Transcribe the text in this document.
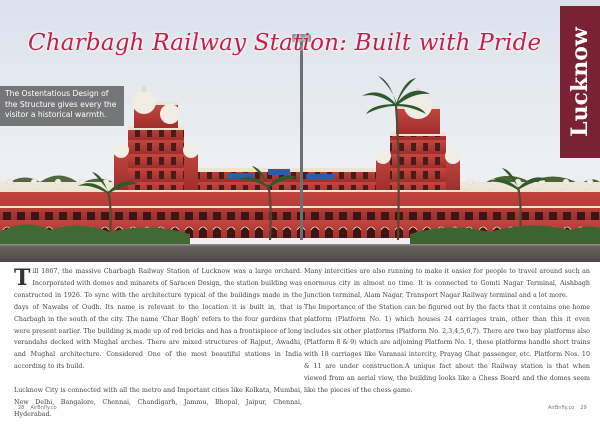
Charbagh Railway Station: Built with Pride
The Ostentatious Design of the Structure gives every the visitor a historical warmth.	Lucknow

Till 1867, the massive Charbagh Railway Station of Lucknow was a large orchard. Incorporated with domes and minarets of Saracen Design, the station building was constructed in 1926. To sync with the architecture typical of the buildings made in the days of Nawabs of Oudh. Its name is relevant to the location it is built in, that is Charbagh in the south of the city. The name ‘Char Bagh’ refers to the four gardens that were present earlier. The building is made up of red bricks and has a frontispiece of long verandahs decked with Mughal arches. There are mixed structures of Rajput, Awadhi, and Mughal architecture. Considered One of the most beautiful stations in India according to its build.

Lucknow City is connected with all the metro and Important cities like Kolkata, Mumbai, New Delhi, Bangalore, Chennai, Chandigarh, Jammu, Bhopal, Jaipur, Chennai, Hyderabad.

Many intercities are also running to make it easier for people to travel around such an enormous city in almost no time. It is connected to Gomti Nagar Terminal, Aishbagh Junction terminal, Alam Nagar, Transport Nagar Railway terminal and a lot more.

The Importance of the Station can be figured out by the facts that it contains one home platform (Platform No. 1) which houses 24 carriages train, other than this it even includes six other platforms (Platform No. 2,3,4,5,6,7). There are two bay platforms also (Platform 8 & 9) which are adjoining Platform No. 1, these platforms handle short trains with 18 carriages like Varanasi intercity, Prayag Ghat passenger, etc. Platform Nos. 10 & 11 are under construction.A unique fact about the Railway station is that when viewed from an aerial view, the building looks like a Chess Board and the domes seem like the pieces of the chess game.

28 AirBnfly.co	AirBnfly.co 29
